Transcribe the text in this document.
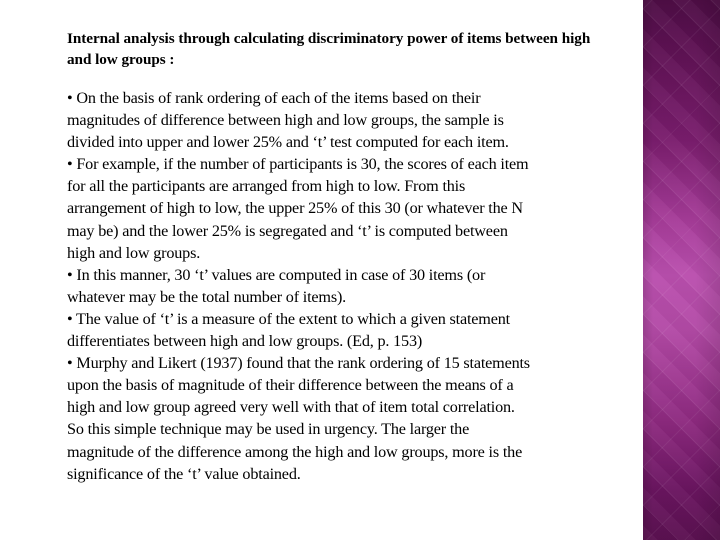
Internal analysis through calculating discriminatory power of items between high and low groups :
• On the basis of rank ordering of each of the items based on their
magnitudes of difference between high and low groups, the sample is
divided into upper and lower 25% and ‘t’ test computed for each item.
• For example, if the number of participants is 30, the scores of each item
for all the participants are arranged from high to low. From this
arrangement of high to low, the upper 25% of this 30 (or whatever the N
may be) and the lower 25% is segregated and ‘t’ is computed between
high and low groups.
• In this manner, 30 ‘t’ values are computed in case of 30 items (or
whatever may be the total number of items).
• The value of ‘t’ is a measure of the extent to which a given statement
differentiates between high and low groups. (Ed, p. 153)
• Murphy and Likert (1937) found that the rank ordering of 15 statements
upon the basis of magnitude of their difference between the means of a
high and low group agreed very well with that of item total correlation.
So this simple technique may be used in urgency. The larger the
magnitude of the difference among the high and low groups, more is the
significance of the ‘t’ value obtained.
